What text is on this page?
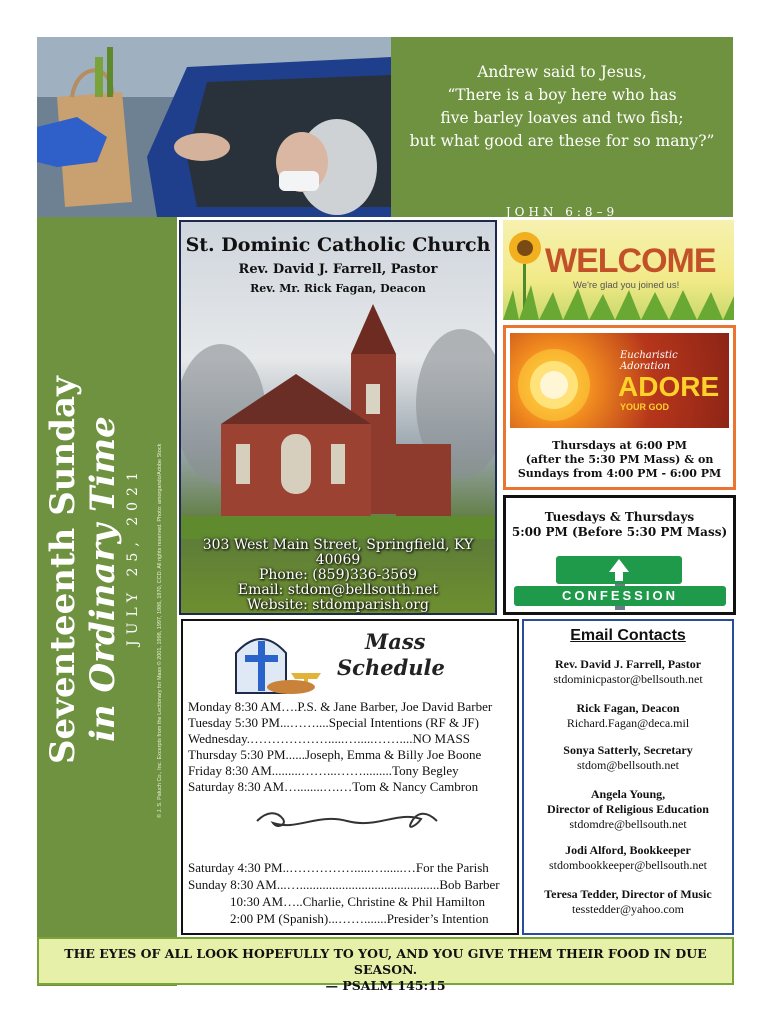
Andrew said to Jesus,
“There is a boy here who has
five barley loaves and two fish;
but what good are these for so many?”
JOHN 6:8–9
Seventeenth Sunday in Ordinary Time JULY 25, 2021	© J. S. Paluch Co., Inc. Excerpts from the Lectionary for Mass © 2001, 1998, 1997, 1986, 1970, CCD. All rights reserved. Photo: amorgando/Adobe Stock
St. Dominic Catholic Church
Rev. David J. Farrell, Pastor
Rev. Mr. Rick Fagan, Deacon
303 West Main Street, Springfield, KY 40069
Phone: (859)336-3569
Email: stdom@bellsouth.net
Website: stdomparish.org
WELCOME
We're glad you joined us!
Eucharistic Adoration
ADORE
YOUR GOD
Thursdays at 6:00 PM
(after the 5:30 PM Mass) & on
Sundays from 4:00 PM - 6:00 PM
Tuesdays & Thursdays
5:00 PM (Before 5:30 PM Mass)
CONFESSION
Mass
Schedule
Monday 8:30 AM….P.S. & Jane Barber, Joe David Barber
Tuesday 5:30 PM...……....Special Intentions (RF & JF)
Wednesday.……………….....….....……....NO MASS
Thursday 5:30 PM......Joseph, Emma & Billy Joe Boone
Friday 8:30 AM.........……...…….........Tony Begley
Saturday 8:30 AM…........….…Tom & Nancy Cambron
Saturday 4:30 PM..…………….....…......…For the Parish
Sunday 8:30 AM...…...........................................Bob Barber
10:30 AM…..Charlie, Christine & Phil Hamilton
2:00 PM (Spanish)...…….......Presider’s Intention
Email Contacts
Rev. David J. Farrell, Pastor
stdominicpastor@bellsouth.net
Rick Fagan, Deacon
Richard.Fagan@deca.mil
Sonya Satterly, Secretary
stdom@bellsouth.net
Angela Young,
Director of Religious Education
stdomdre@bellsouth.net
Jodi Alford, Bookkeeper
stdombookkeeper@bellsouth.net
Teresa Tedder, Director of Music
tesstedder@yahoo.com
THE EYES OF ALL LOOK HOPEFULLY TO YOU, AND YOU GIVE THEM THEIR FOOD IN DUE SEASON.
— PSALM 145:15
